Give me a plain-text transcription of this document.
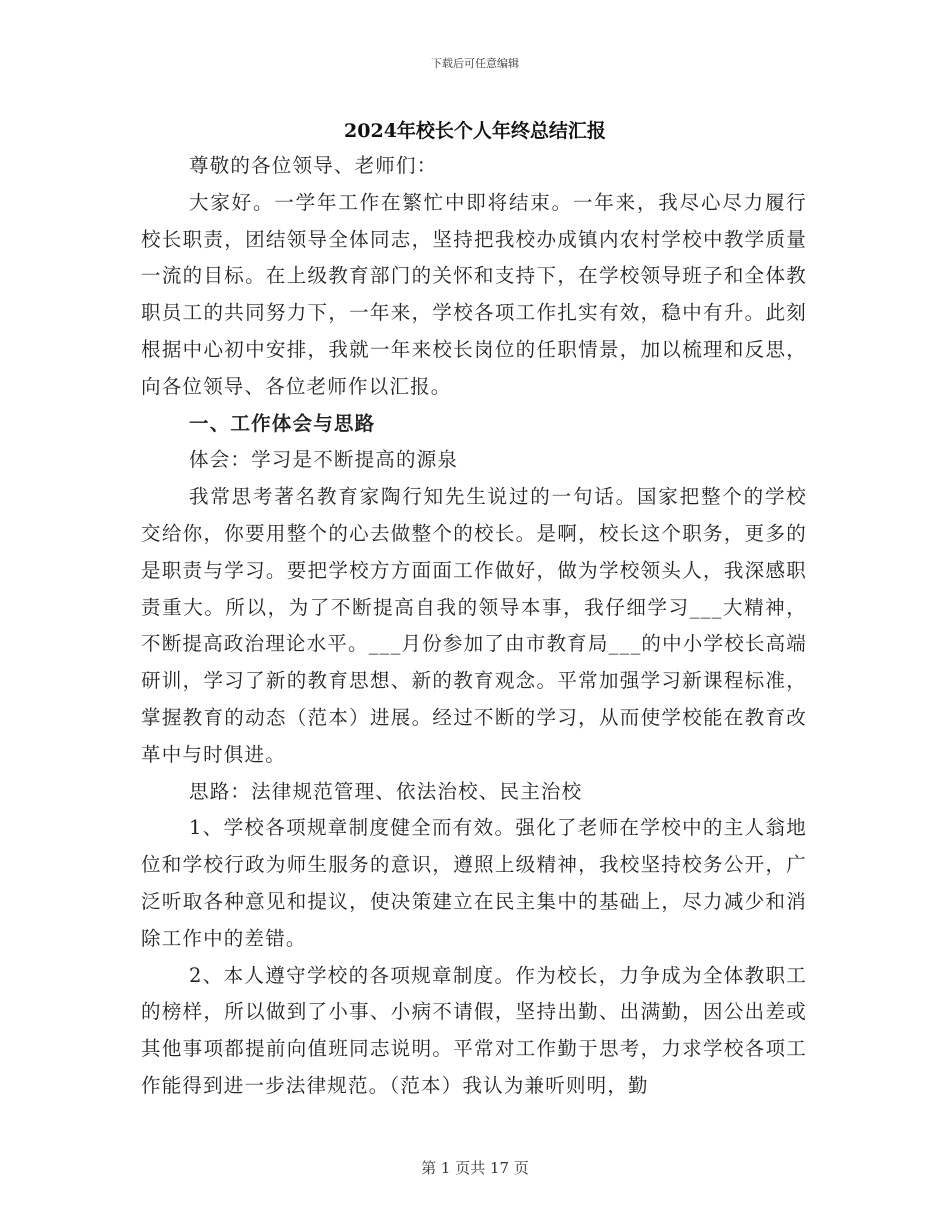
下载后可任意编辑
2024年校长个人年终总结汇报

尊敬的各位领导、老师们：

大家好。一学年工作在繁忙中即将结束。一年来，我尽心尽力履行校长职责，团结领导全体同志，坚持把我校办成镇内农村学校中教学质量一流的目标。在上级教育部门的关怀和支持下，在学校领导班子和全体教职员工的共同努力下，一年来，学校各项工作扎实有效，稳中有升。此刻根据中心初中安排，我就一年来校长岗位的任职情景，加以梳理和反思，向各位领导、各位老师作以汇报。

一、工作体会与思路

体会：学习是不断提高的源泉

我常思考著名教育家陶行知先生说过的一句话。国家把整个的学校交给你，你要用整个的心去做整个的校长。是啊，校长这个职务，更多的是职责与学习。要把学校方方面面工作做好，做为学校领头人，我深感职责重大。所以，为了不断提高自我的领导本事，我仔细学习___大精神，不断提高政治理论水平。___月份参加了由市教育局___的中小学校长高端研训，学习了新的教育思想、新的教育观念。平常加强学习新课程标准，掌握教育的动态（范本）进展。经过不断的学习，从而使学校能在教育改革中与时俱进。

思路：法律规范管理、依法治校、民主治校

1、学校各项规章制度健全而有效。强化了老师在学校中的主人翁地位和学校行政为师生服务的意识，遵照上级精神，我校坚持校务公开，广泛听取各种意见和提议，使决策建立在民主集中的基础上，尽力减少和消除工作中的差错。

2、本人遵守学校的各项规章制度。作为校长，力争成为全体教职工的榜样，所以做到了小事、小病不请假，坚持出勤、出满勤，因公出差或其他事项都提前向值班同志说明。平常对工作勤于思考，力求学校各项工作能得到进一步法律规范。（范本）我认为兼听则明，勤

第 1 页共 17 页
